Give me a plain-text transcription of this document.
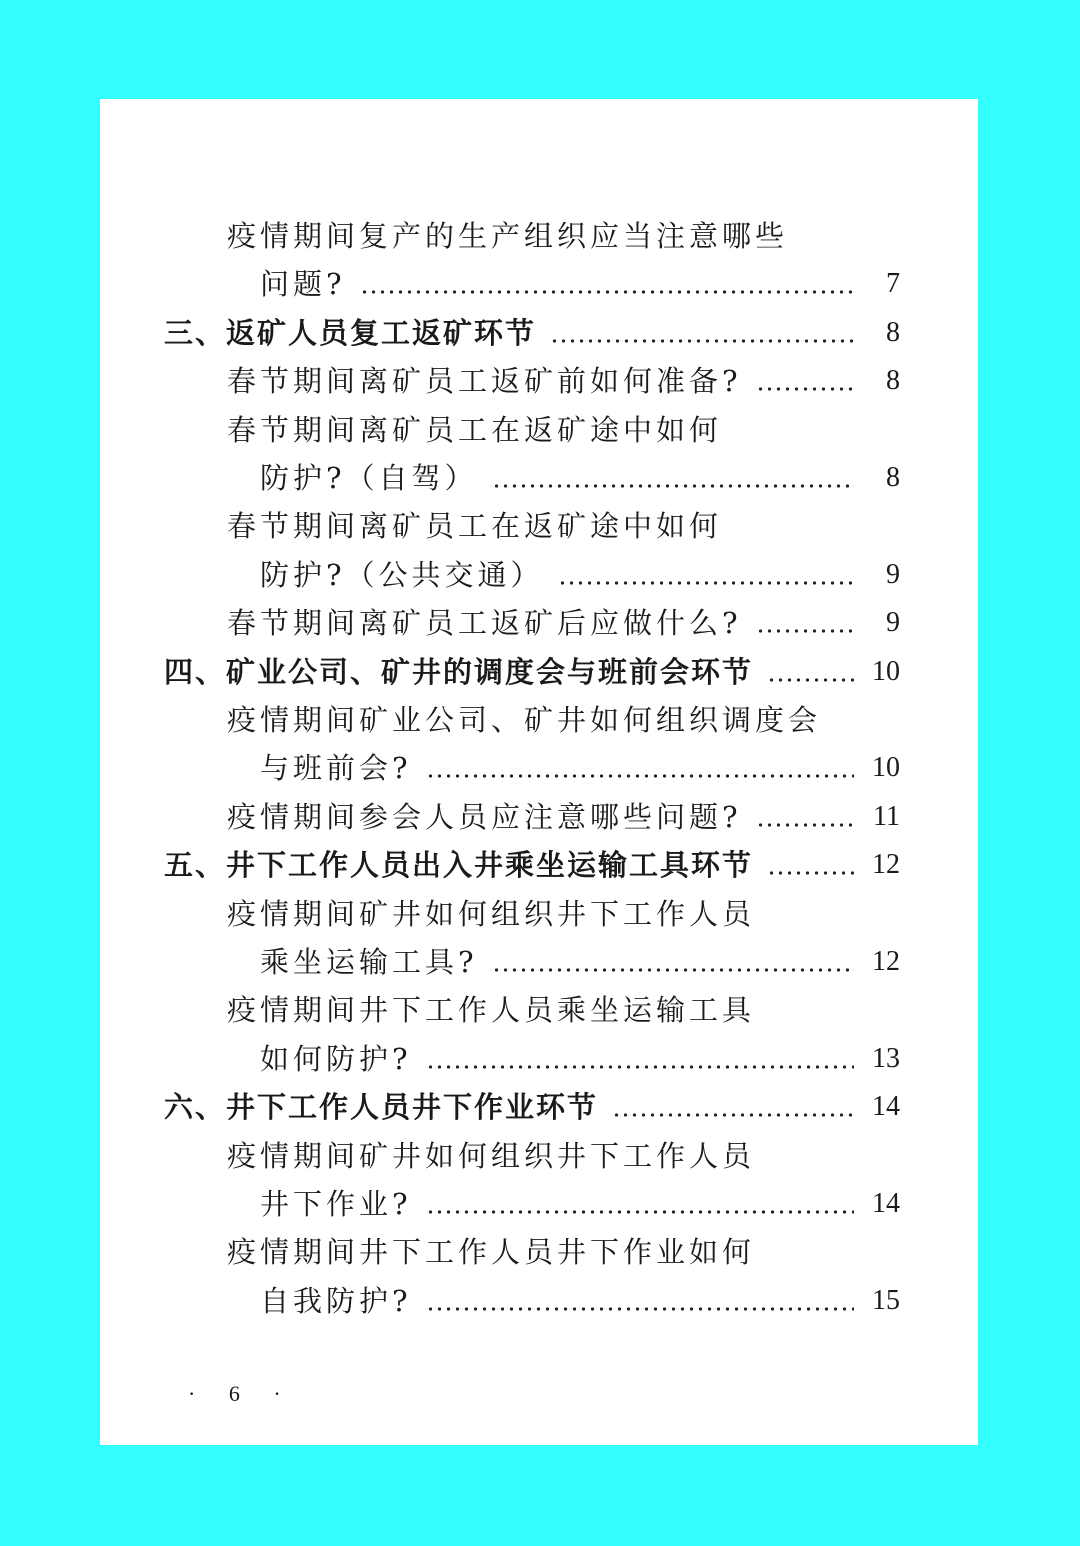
疫情期间复产的生产组织应当注意哪些
问题?	7
三、返矿人员复工返矿环节	8
春节期间离矿员工返矿前如何准备?	8
春节期间离矿员工在返矿途中如何
防护?（自驾）	8
春节期间离矿员工在返矿途中如何
防护?（公共交通）	9
春节期间离矿员工返矿后应做什么?	9
四、矿业公司、矿井的调度会与班前会环节	10
疫情期间矿业公司、矿井如何组织调度会
与班前会?	10
疫情期间参会人员应注意哪些问题?	11
五、井下工作人员出入井乘坐运输工具环节	12
疫情期间矿井如何组织井下工作人员
乘坐运输工具?	12
疫情期间井下工作人员乘坐运输工具
如何防护?	13
六、井下工作人员井下作业环节	14
疫情期间矿井如何组织井下工作人员
井下作业?	14
疫情期间井下工作人员井下作业如何
自我防护?	15
· 6 ·
